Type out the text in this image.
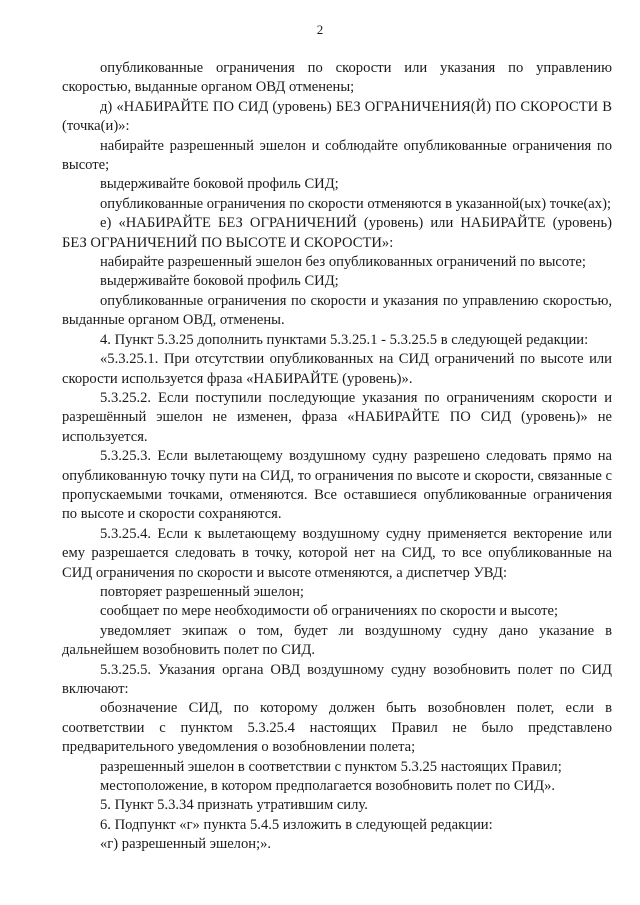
2

опубликованные ограничения по скорости или указания по управлению скоростью, выданные органом ОВД отменены;

д) «НАБИРАЙТЕ ПО СИД (уровень) БЕЗ ОГРАНИЧЕНИЯ(Й) ПО СКОРОСТИ В (точка(и)»:

набирайте разрешенный эшелон и соблюдайте опубликованные ограничения по высоте;

выдерживайте боковой профиль СИД;

опубликованные ограничения по скорости отменяются в указанной(ых) точке(ах);

е) «НАБИРАЙТЕ БЕЗ ОГРАНИЧЕНИЙ (уровень) или НАБИРАЙТЕ (уровень) БЕЗ ОГРАНИЧЕНИЙ ПО ВЫСОТЕ И СКОРОСТИ»:

набирайте разрешенный эшелон без опубликованных ограничений по высоте;

выдерживайте боковой профиль СИД;

опубликованные ограничения по скорости и указания по управлению скоростью, выданные органом ОВД, отменены.

4. Пункт 5.3.25 дополнить пунктами 5.3.25.1 - 5.3.25.5 в следующей редакции:

«5.3.25.1. При отсутствии опубликованных на СИД ограничений по высоте или скорости используется фраза «НАБИРАЙТЕ (уровень)».

5.3.25.2. Если поступили последующие указания по ограничениям скорости и разрешённый эшелон не изменен, фраза «НАБИРАЙТЕ ПО СИД (уровень)» не используется.

5.3.25.3. Если вылетающему воздушному судну разрешено следовать прямо на опубликованную точку пути на СИД, то ограничения по высоте и скорости, связанные с пропускаемыми точками, отменяются. Все оставшиеся опубликованные ограничения по высоте и скорости сохраняются.

5.3.25.4. Если к вылетающему воздушному судну применяется векторение или ему разрешается следовать в точку, которой нет на СИД, то все опубликованные на СИД ограничения по скорости и высоте отменяются, а диспетчер УВД:

повторяет разрешенный эшелон;

сообщает по мере необходимости об ограничениях по скорости и высоте;

уведомляет экипаж о том, будет ли воздушному судну дано указание в дальнейшем возобновить полет по СИД.

5.3.25.5. Указания органа ОВД воздушному судну возобновить полет по СИД включают:

обозначение СИД, по которому должен быть возобновлен полет, если в соответствии с пунктом 5.3.25.4 настоящих Правил не было представлено предварительного уведомления о возобновлении полета;

разрешенный эшелон в соответствии с пунктом 5.3.25 настоящих Правил;

местоположение, в котором предполагается возобновить полет по СИД».

5. Пункт 5.3.34 признать утратившим силу.

6. Подпункт «г» пункта 5.4.5 изложить в следующей редакции:

«г) разрешенный эшелон;».
